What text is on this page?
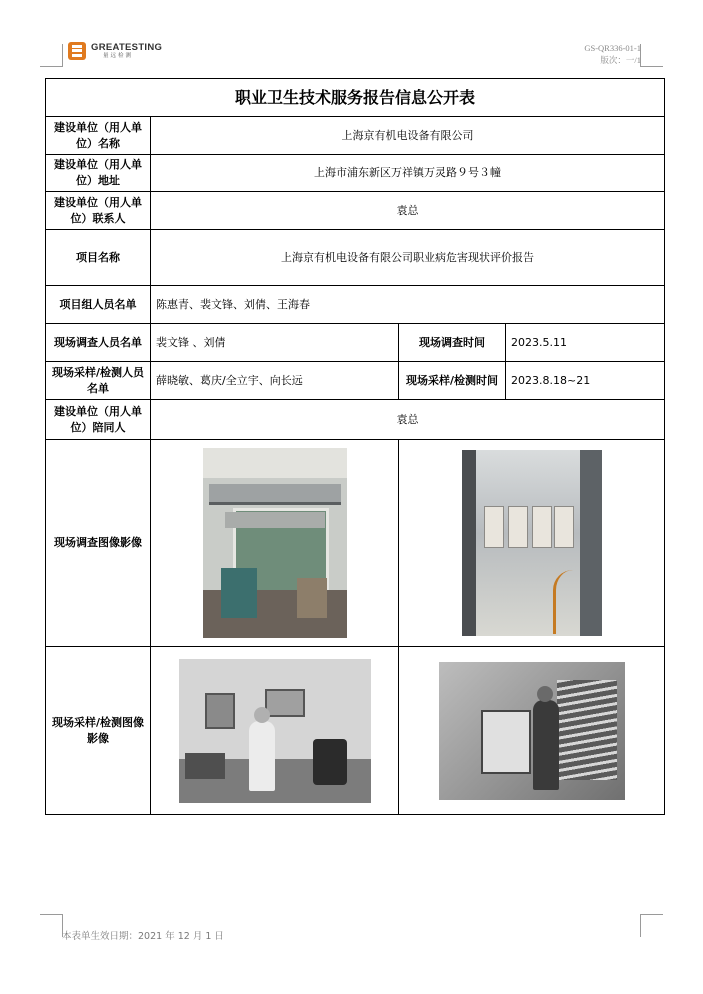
GREATESTING
量远检测
GS-QR336-01-1
版次：一/1
职业卫生技术服务报告信息公开表			
建设单位（用人单位）名称	上海京有机电设备有限公司		
建设单位（用人单位）地址	上海市浦东新区万祥镇万灵路９号３幢		
建设单位（用人单位）联系人	袁总		
项目名称	上海京有机电设备有限公司职业病危害现状评价报告		
项目组人员名单	陈惠青、裴文锋、刘倩、王海春		
现场调查人员名单	裴文锋 、刘倩	现场调查时间	2023.5.11
现场采样/检测人员名单	薛晓敏、葛庆/全立宇、向长远	现场采样/检测时间	2023.8.18~21
建设单位（用人单位）陪同人	袁总		
现场调查图像影像		

现场采样/检测图像影像		

本表单生效日期：2021 年 12 月 1 日
